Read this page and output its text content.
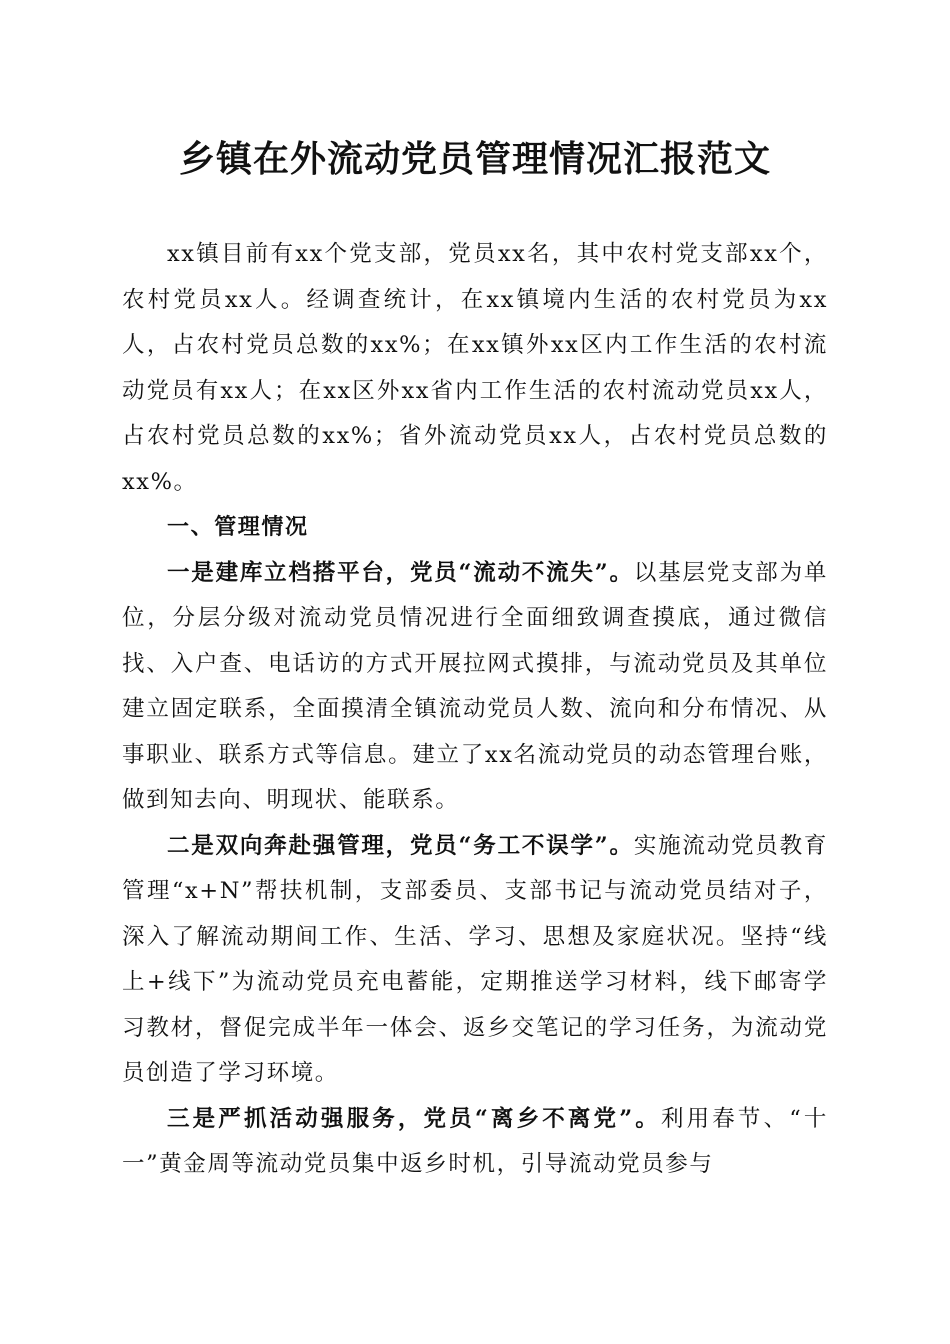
乡镇在外流动党员管理情况汇报范文

xx镇目前有xx个党支部，党员xx名，其中农村党支部xx个，农村党员xx人。经调查统计，在xx镇境内生活的农村党员为xx人，占农村党员总数的xx%；在xx镇外xx区内工作生活的农村流动党员有xx人；在xx区外xx省内工作生活的农村流动党员xx人，占农村党员总数的xx%；省外流动党员xx人，占农村党员总数的xx%。

一、管理情况

一是建库立档搭平台，党员“流动不流失”。以基层党支部为单位，分层分级对流动党员情况进行全面细致调查摸底，通过微信找、入户查、电话访的方式开展拉网式摸排，与流动党员及其单位建立固定联系，全面摸清全镇流动党员人数、流向和分布情况、从事职业、联系方式等信息。建立了xx名流动党员的动态管理台账，做到知去向、明现状、能联系。

二是双向奔赴强管理，党员“务工不误学”。实施流动党员教育管理“x+N”帮扶机制，支部委员、支部书记与流动党员结对子，深入了解流动期间工作、生活、学习、思想及家庭状况。坚持“线上+线下”为流动党员充电蓄能，定期推送学习材料，线下邮寄学习教材，督促完成半年一体会、返乡交笔记的学习任务，为流动党员创造了学习环境。

三是严抓活动强服务，党员“离乡不离党”。利用春节、“十一”黄金周等流动党员集中返乡时机，引导流动党员参与
